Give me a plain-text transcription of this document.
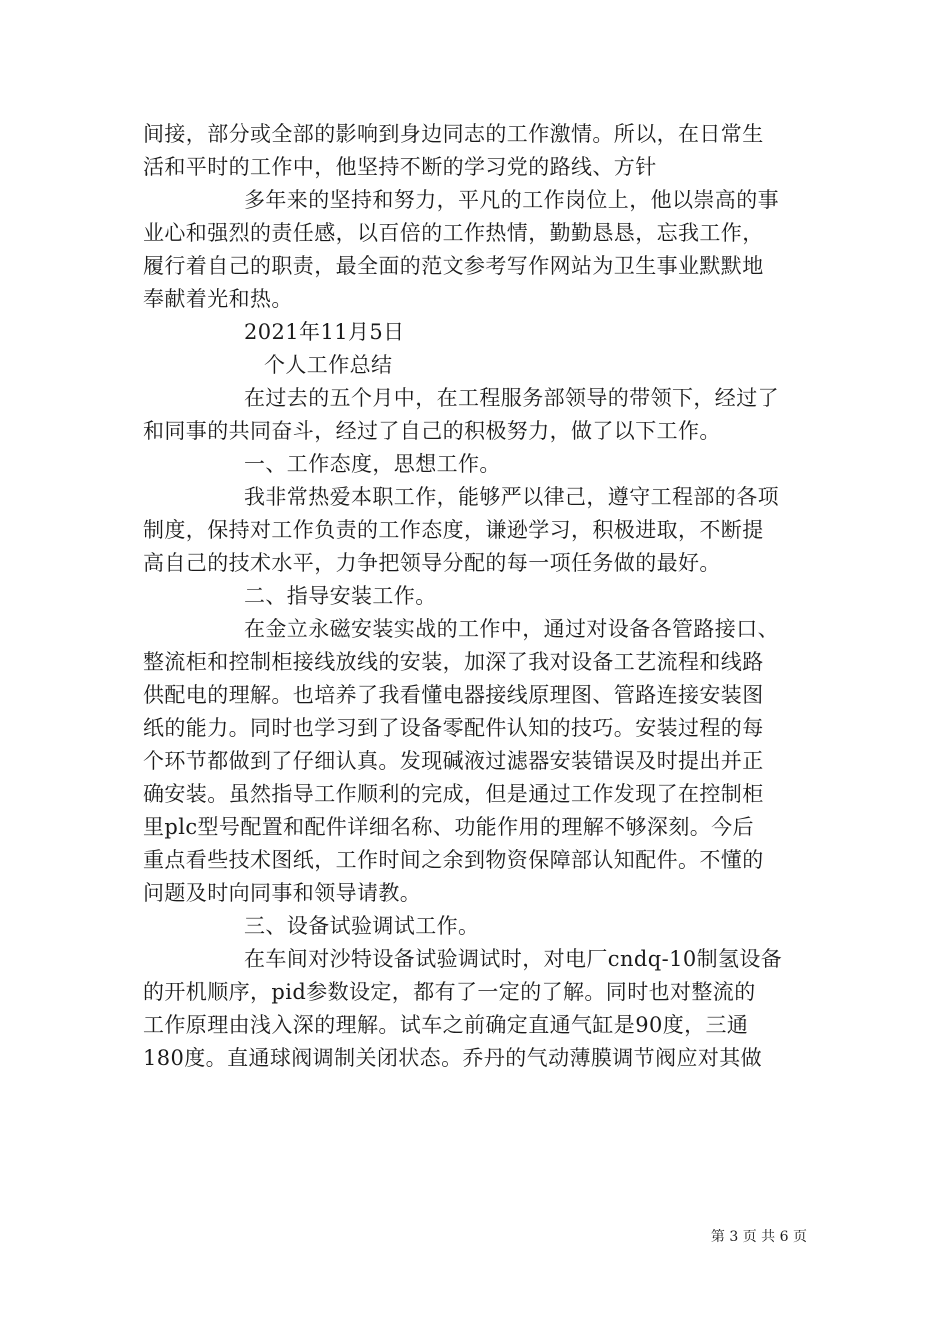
间接，部分或全部的影响到身边同志的工作激情。所以，在日常生
活和平时的工作中，他坚持不断的学习党的路线、方针
多年来的坚持和努力，平凡的工作岗位上，他以崇高的事
业心和强烈的责任感，以百倍的工作热情，勤勤恳恳，忘我工作，
履行着自己的职责，最全面的范文参考写作网站为卫生事业默默地
奉献着光和热。
2021年11月5日
个人工作总结
在过去的五个月中，在工程服务部领导的带领下，经过了
和同事的共同奋斗，经过了自己的积极努力，做了以下工作。
一、工作态度，思想工作。
我非常热爱本职工作，能够严以律己，遵守工程部的各项
制度，保持对工作负责的工作态度，谦逊学习，积极进取，不断提
高自己的技术水平，力争把领导分配的每一项任务做的最好。
二、指导安装工作。
在金立永磁安装实战的工作中，通过对设备各管路接口、
整流柜和控制柜接线放线的安装，加深了我对设备工艺流程和线路
供配电的理解。也培养了我看懂电器接线原理图、管路连接安装图
纸的能力。同时也学习到了设备零配件认知的技巧。安装过程的每
个环节都做到了仔细认真。发现碱液过滤器安装错误及时提出并正
确安装。虽然指导工作顺利的完成，但是通过工作发现了在控制柜
里plc型号配置和配件详细名称、功能作用的理解不够深刻。今后
重点看些技术图纸，工作时间之余到物资保障部认知配件。不懂的
问题及时向同事和领导请教。
三、设备试验调试工作。
在车间对沙特设备试验调试时，对电厂cndq-10制氢设备
的开机顺序，pid参数设定，都有了一定的了解。同时也对整流的
工作原理由浅入深的理解。试车之前确定直通气缸是90度，三通
180度。直通球阀调制关闭状态。乔丹的气动薄膜调节阀应对其做
第 3 页 共 6 页
